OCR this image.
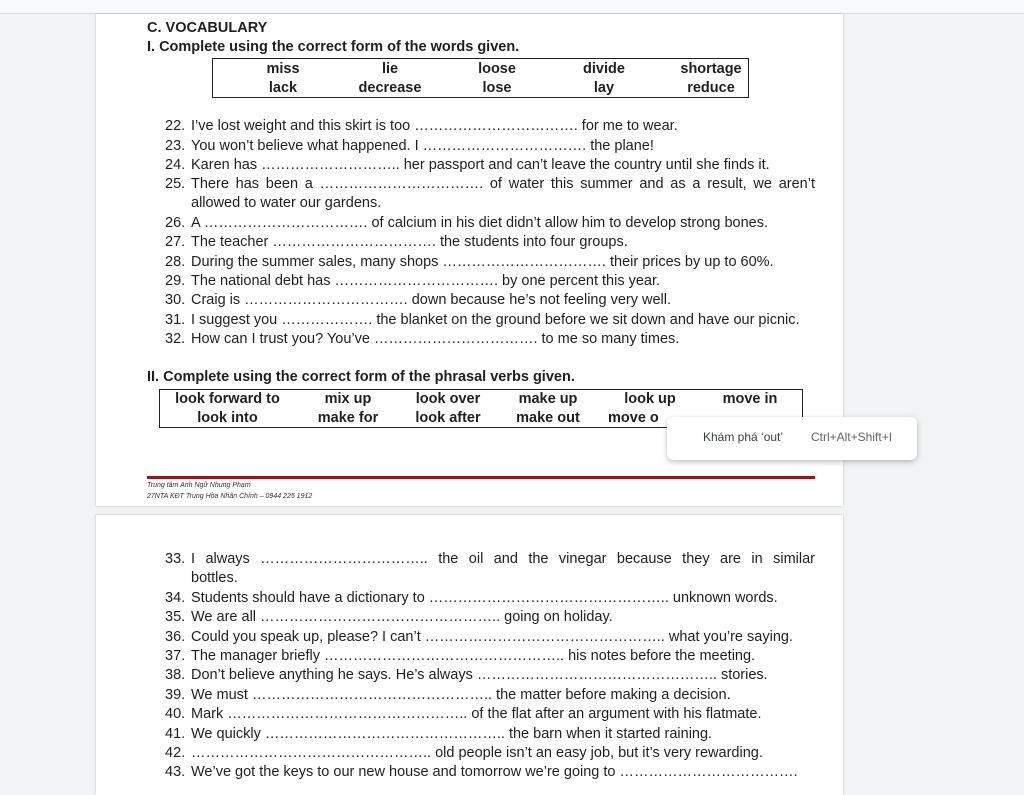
C. VOCABULARY
I. Complete using the correct form of the words given.
miss	lie	loose	divide	shortage
lack	decrease	lose	lay	reduce
22. I’ve lost weight and this skirt is too ……………………………. for me to wear.
23. You won’t believe what happened. I ……………………………. the plane!
24. Karen has ……………………….. her passport and can’t leave the country until she finds it.
25. There has been a ……………………………. of water this summer and as a result, we aren’t
allowed to water our gardens.
26. A ……………………………. of calcium in his diet didn’t allow him to develop strong bones.
27. The teacher ……………………………. the students into four groups.
28. During the summer sales, many shops ……………………………. their prices by up to 60%.
29. The national debt has ……………………………. by one percent this year.
30. Craig is ……………………………. down because he’s not feeling very well.
31. I suggest you ………………. the blanket on the ground before we sit down and have our picnic.
32. How can I trust you? You’ve ……………………………. to me so many times.
II. Complete using the correct form of the phrasal verbs given.
look forward to	mix up	look over	make up	look up	move in
look into	make for	look after	make out	move o
Trung tâm Anh Ngữ Nhung Phạm
27NTA KĐT Trung Hòa Nhân Chính – 0944 225 1912
Khám phá ‘out’ Ctrl+Alt+Shift+I
33. I always …………………………….. the oil and the vinegar because they are in similar
bottles.
34. Students should have a dictionary to ………………………………………….. unknown words.
35. We are all ………………………………………….. going on holiday.
36. Could you speak up, please? I can’t ………………………………………….. what you’re saying.
37. The manager briefly ………………………………………….. his notes before the meeting.
38. Don’t believe anything he says. He’s always ………………………………………….. stories.
39. We must ………………………………………….. the matter before making a decision.
40. Mark ………………………………………….. of the flat after an argument with his flatmate.
41. We quickly ………………………………………….. the barn when it started raining.
42. ………………………………………….. old people isn’t an easy job, but it’s very rewarding.
43. We’ve got the keys to our new house and tomorrow we’re going to ……………………………….
